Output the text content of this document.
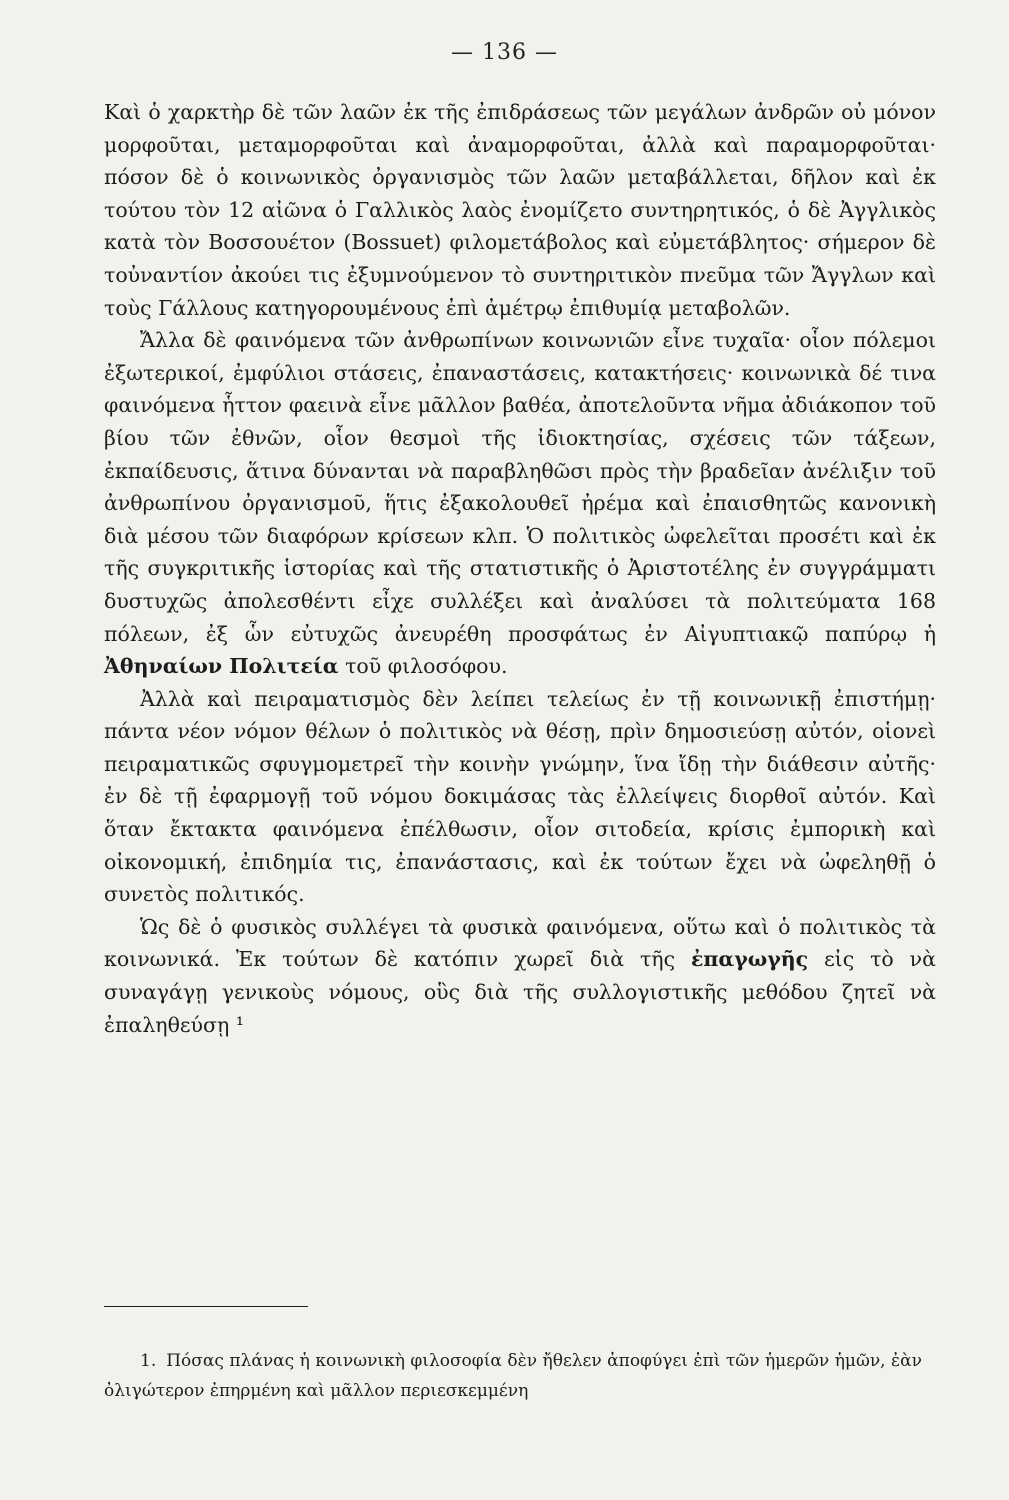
— 136 —

Καὶ ὁ χαρκτὴρ δὲ τῶν λαῶν ἐκ τῆς ἐπιδράσεως τῶν μεγάλων ἀνδρῶν οὐ μόνον μορφοῦται, μεταμορφοῦται καὶ ἀναμορφοῦται, ἀλλὰ καὶ παραμορφοῦται· πόσον δὲ ὁ κοινωνικὸς ὀργανισμὸς τῶν λαῶν μεταβάλλεται, δῆλον καὶ ἐκ τούτου τὸν 12 αἰῶνα ὁ Γαλλικὸς λαὸς ἐνομίζετο συντηρητικός, ὁ δὲ Ἀγγλικὸς κατὰ τὸν Βοσσουέτον (Bossuet) φιλομετάβολος καὶ εὐμετάβλητος· σήμερον δὲ τοὐναντίον ἀκούει τις ἐξυμνούμενον τὸ συντηριτικὸν πνεῦμα τῶν Ἄγγλων καὶ τοὺς Γάλλους κατηγορουμένους ἐπὶ ἀμέτρῳ ἐπιθυμίᾳ μεταβολῶν.

Ἄλλα δὲ φαινόμενα τῶν ἀνθρωπίνων κοινωνιῶν εἶνε τυχαῖα· οἷον πόλεμοι ἐξωτερικοί, ἐμφύλιοι στάσεις, ἐπαναστάσεις, κατακτήσεις· κοινωνικὰ δέ τινα φαινόμενα ἧττον φαεινὰ εἶνε μᾶλλον βαθέα, ἀποτελοῦντα νῆμα ἀδιάκοπον τοῦ βίου τῶν ἐθνῶν, οἷον θεσμοὶ τῆς ἰδιοκτησίας, σχέσεις τῶν τάξεων, ἐκπαίδευσις, ἅτινα δύνανται νὰ παραβληθῶσι πρὸς τὴν βραδεῖαν ἀνέλιξιν τοῦ ἀνθρωπίνου ὀργανισμοῦ, ἥτις ἐξακολουθεῖ ἠρέμα καὶ ἐπαισθητῶς κανονικὴ διὰ μέσου τῶν διαφόρων κρίσεων κλπ. Ὁ πολιτικὸς ὠφελεῖται προσέτι καὶ ἐκ τῆς συγκριτικῆς ἱστορίας καὶ τῆς στατιστικῆς ὁ Ἀριστοτέλης ἐν συγγράμματι δυστυχῶς ἀπολεσθέντι εἶχε συλλέξει καὶ ἀναλύσει τὰ πολιτεύματα 168 πόλεων, ἐξ ὧν εὐτυχῶς ἀνευρέθη προσφάτως ἐν Αἰγυπτιακῷ παπύρῳ ἡ Ἀθηναίων Πολιτεία τοῦ φιλοσόφου.

Ἀλλὰ καὶ πειραματισμὸς δὲν λείπει τελείως ἐν τῇ κοινωνικῇ ἐπιστήμῃ· πάντα νέον νόμον θέλων ὁ πολιτικὸς νὰ θέσῃ, πρὶν δημοσιεύσῃ αὐτόν, οἱονεὶ πειραματικῶς σφυγμομετρεῖ τὴν κοινὴν γνώμην, ἵνα ἴδῃ τὴν διάθεσιν αὐτῆς· ἐν δὲ τῇ ἐφαρμογῇ τοῦ νόμου δοκιμάσας τὰς ἐλλείψεις διορθοῖ αὐτόν. Καὶ ὅταν ἔκτακτα φαινόμενα ἐπέλθωσιν, οἷον σιτοδεία, κρίσις ἐμπορικὴ καὶ οἰκονομική, ἐπιδημία τις, ἐπανάστασις, καὶ ἐκ τούτων ἔχει νὰ ὠφεληθῇ ὁ συνετὸς πολιτικός.

Ὡς δὲ ὁ φυσικὸς συλλέγει τὰ φυσικὰ φαινόμενα, οὕτω καὶ ὁ πολιτικὸς τὰ κοινωνικά. Ἐκ τούτων δὲ κατόπιν χωρεῖ διὰ τῆς ἐπαγωγῆς εἰς τὸ νὰ συναγάγῃ γενικοὺς νόμους, οὓς διὰ τῆς συλλογιστικῆς μεθόδου ζητεῖ νὰ ἐπαληθεύσῃ ¹

1. Πόσας πλάνας ἡ κοινωνικὴ φιλοσοφία δὲν ἤθελεν ἀποφύγει ἐπὶ τῶν ἡμερῶν ἡμῶν, ἐὰν ὀλιγώτερον ἐπηρμένη καὶ μᾶλλον περιεσκεμμένη
